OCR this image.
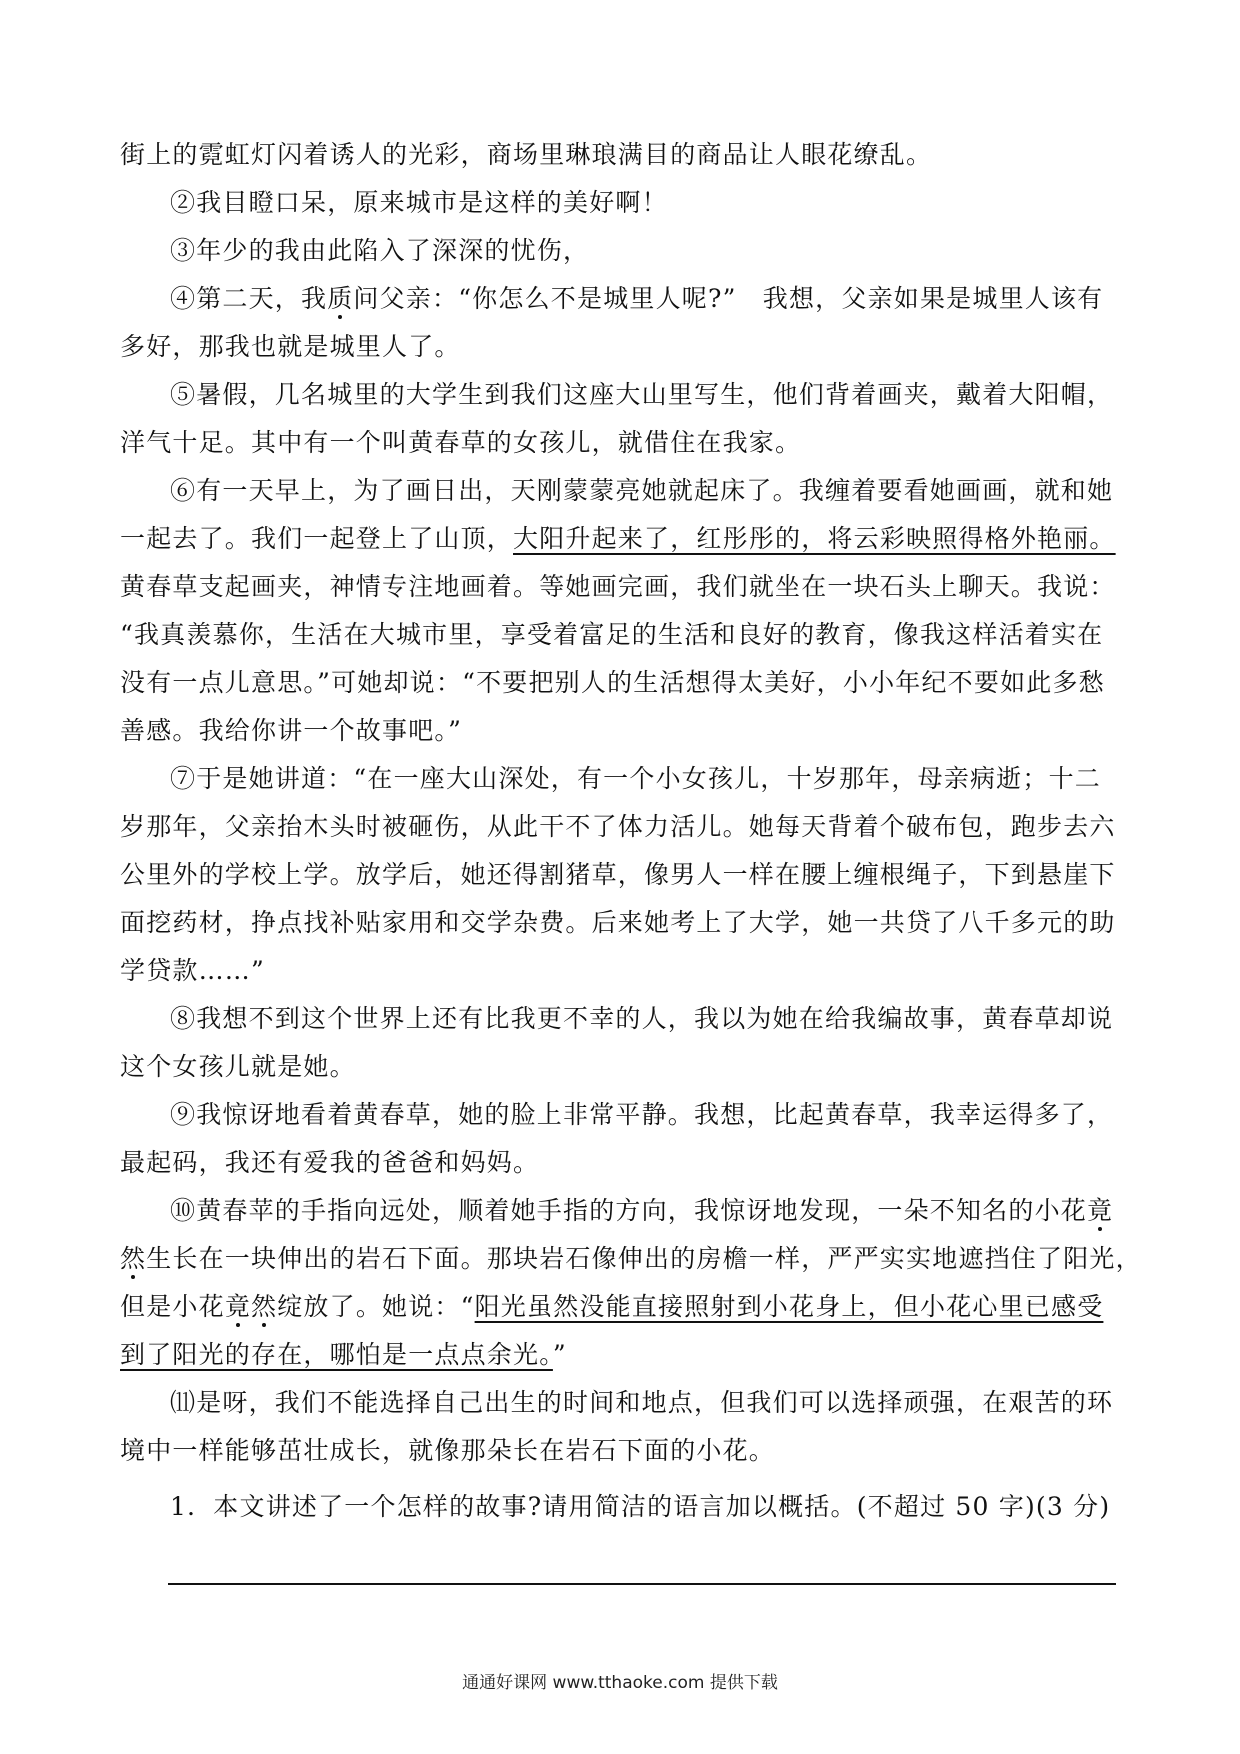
街上的霓虹灯闪着诱人的光彩，商场里琳琅满目的商品让人眼花缭乱。
②我目瞪口呆，原来城市是这样的美好啊！
③年少的我由此陷入了深深的忧伤，
④第二天，我质问父亲：“你怎么不是城里人呢?”　我想，父亲如果是城里人该有
多好，那我也就是城里人了。
⑤暑假，几名城里的大学生到我们这座大山里写生，他们背着画夹，戴着大阳帽，
洋气十足。其中有一个叫黄春草的女孩儿，就借住在我家。
⑥有一天早上，为了画日出，天刚蒙蒙亮她就起床了。我缠着要看她画画，就和她
一起去了。我们一起登上了山顶，大阳升起来了，红彤彤的，将云彩映照得格外艳丽。
黄春草支起画夹，神情专注地画着。等她画完画，我们就坐在一块石头上聊天。我说：
“我真羡慕你，生活在大城市里，享受着富足的生活和良好的教育，像我这样活着实在
没有一点儿意思。”可她却说：“不要把别人的生活想得太美好，小小年纪不要如此多愁
善感。我给你讲一个故事吧。”
⑦于是她讲道：“在一座大山深处，有一个小女孩儿，十岁那年，母亲病逝；十二
岁那年，父亲抬木头时被砸伤，从此干不了体力活儿。她每天背着个破布包，跑步去六
公里外的学校上学。放学后，她还得割猪草，像男人一样在腰上缠根绳子，下到悬崖下
面挖药材，挣点找补贴家用和交学杂费。后来她考上了大学，她一共贷了八千多元的助
学贷款……”
⑧我想不到这个世界上还有比我更不幸的人，我以为她在给我编故事，黄春草却说
这个女孩儿就是她。
⑨我惊讶地看着黄春草，她的脸上非常平静。我想，比起黄春草，我幸运得多了，
最起码，我还有爱我的爸爸和妈妈。
⑩黄春苹的手指向远处，顺着她手指的方向，我惊讶地发现，一朵不知名的小花竟
然生长在一块伸出的岩石下面。那块岩石像伸出的房檐一样，严严实实地遮挡住了阳光，
但是小花竟然绽放了。她说：“阳光虽然没能直接照射到小花身上，但小花心里已感受
到了阳光的存在，哪怕是一点点余光。”
⑾是呀，我们不能选择自己出生的时间和地点，但我们可以选择顽强，在艰苦的环
境中一样能够茁壮成长，就像那朵长在岩石下面的小花。
1．本文讲述了一个怎样的故事?请用简洁的语言加以概括。(不超过 50 字)(3 分)
通通好课网 www.tthaoke.com 提供下载
